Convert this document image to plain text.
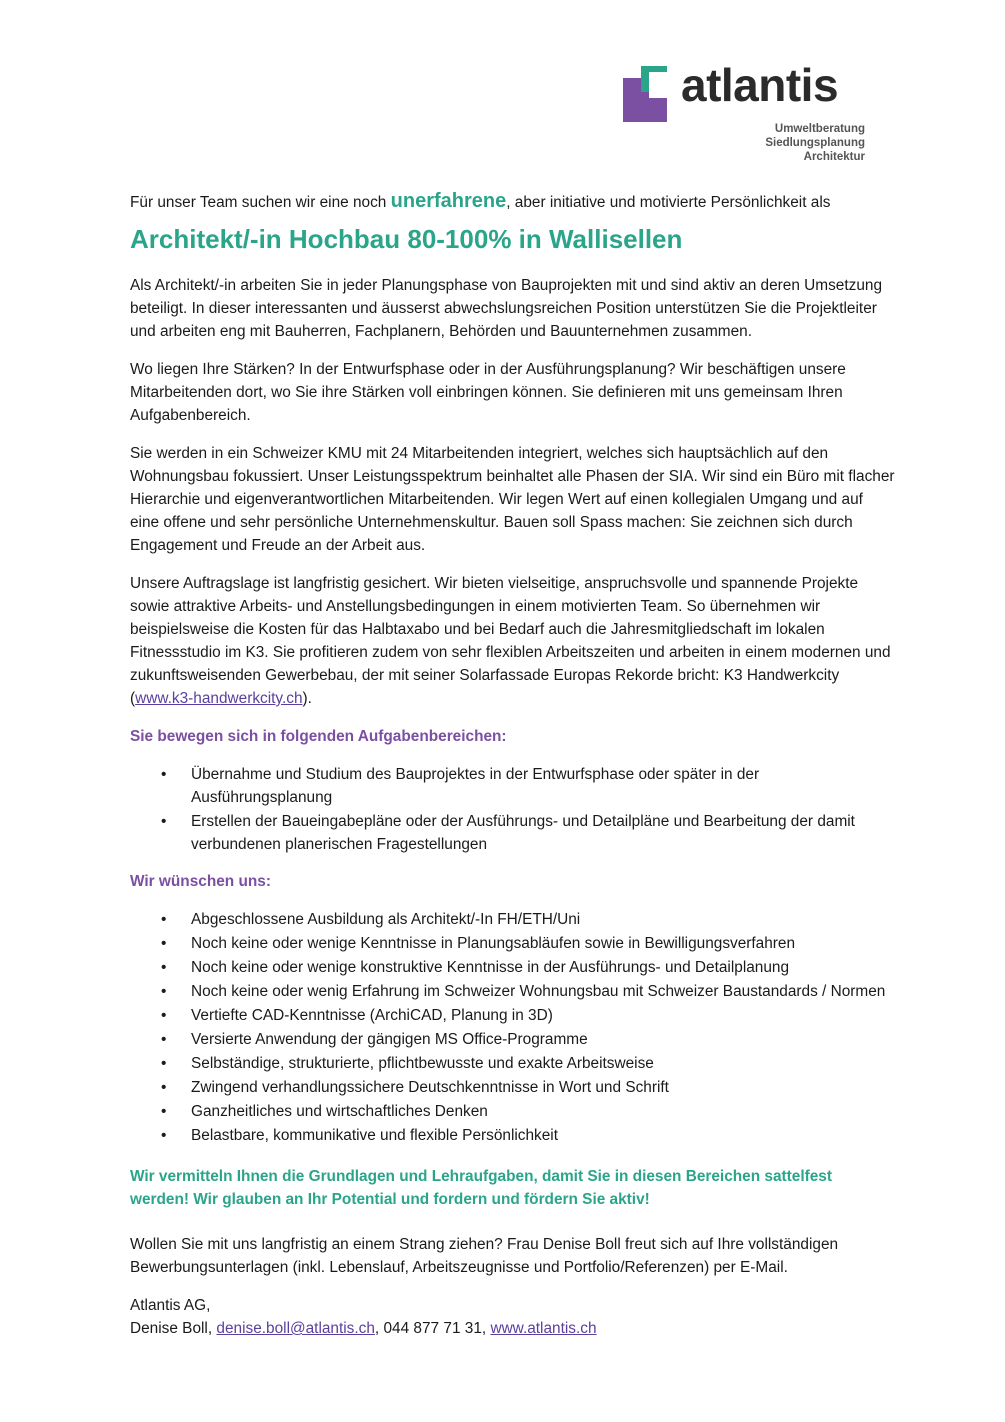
atlantis
Umweltberatung
Siedlungsplanung
Architektur

Für unser Team suchen wir eine noch unerfahrene, aber initiative und motivierte Persönlichkeit als

Architekt/-in Hochbau 80-100% in Wallisellen

Als Architekt/-in arbeiten Sie in jeder Planungsphase von Bauprojekten mit und sind aktiv an deren Umsetzung beteiligt. In dieser interessanten und äusserst abwechslungsreichen Position unterstützen Sie die Projektleiter und arbeiten eng mit Bauherren, Fachplanern, Behörden und Bauunternehmen zusammen.

Wo liegen Ihre Stärken? In der Entwurfsphase oder in der Ausführungsplanung? Wir beschäftigen unsere Mitarbeitenden dort, wo Sie ihre Stärken voll einbringen können. Sie definieren mit uns gemeinsam Ihren Aufgabenbereich.

Sie werden in ein Schweizer KMU mit 24 Mitarbeitenden integriert, welches sich hauptsächlich auf den Wohnungsbau fokussiert. Unser Leistungsspektrum beinhaltet alle Phasen der SIA. Wir sind ein Büro mit flacher Hierarchie und eigenverantwortlichen Mitarbeitenden. Wir legen Wert auf einen kollegialen Umgang und auf eine offene und sehr persönliche Unternehmenskultur. Bauen soll Spass machen: Sie zeichnen sich durch Engagement und Freude an der Arbeit aus.

Unsere Auftragslage ist langfristig gesichert. Wir bieten vielseitige, anspruchsvolle und spannende Projekte sowie attraktive Arbeits- und Anstellungsbedingungen in einem motivierten Team. So übernehmen wir beispielsweise die Kosten für das Halbtaxabo und bei Bedarf auch die Jahresmitgliedschaft im lokalen Fitnessstudio im K3. Sie profitieren zudem von sehr flexiblen Arbeitszeiten und arbeiten in einem modernen und zukunftsweisenden Gewerbebau, der mit seiner Solarfassade Europas Rekorde bricht: K3 Handwerkcity (www.k3-handwerkcity.ch).

Sie bewegen sich in folgenden Aufgabenbereichen:
• Übernahme und Studium des Bauprojektes in der Entwurfsphase oder später in der Ausführungsplanung
• Erstellen der Baueingabepläne oder der Ausführungs- und Detailpläne und Bearbeitung der damit verbundenen planerischen Fragestellungen
Wir wünschen uns:
• Abgeschlossene Ausbildung als Architekt/-In FH/ETH/Uni
• Noch keine oder wenige Kenntnisse in Planungsabläufen sowie in Bewilligungsverfahren
• Noch keine oder wenige konstruktive Kenntnisse in der Ausführungs- und Detailplanung
• Noch keine oder wenig Erfahrung im Schweizer Wohnungsbau mit Schweizer Baustandards / Normen
• Vertiefte CAD-Kenntnisse (ArchiCAD, Planung in 3D)
• Versierte Anwendung der gängigen MS Office-Programme
• Selbständige, strukturierte, pflichtbewusste und exakte Arbeitsweise
• Zwingend verhandlungssichere Deutschkenntnisse in Wort und Schrift
• Ganzheitliches und wirtschaftliches Denken
• Belastbare, kommunikative und flexible Persönlichkeit

Wir vermitteln Ihnen die Grundlagen und Lehraufgaben, damit Sie in diesen Bereichen sattelfest werden! Wir glauben an Ihr Potential und fordern und fördern Sie aktiv!

Wollen Sie mit uns langfristig an einem Strang ziehen? Frau Denise Boll freut sich auf Ihre vollständigen Bewerbungsunterlagen (inkl. Lebenslauf, Arbeitszeugnisse und Portfolio/Referenzen) per E-Mail.

Atlantis AG,

Denise Boll, denise.boll@atlantis.ch, 044 877 71 31, www.atlantis.ch
